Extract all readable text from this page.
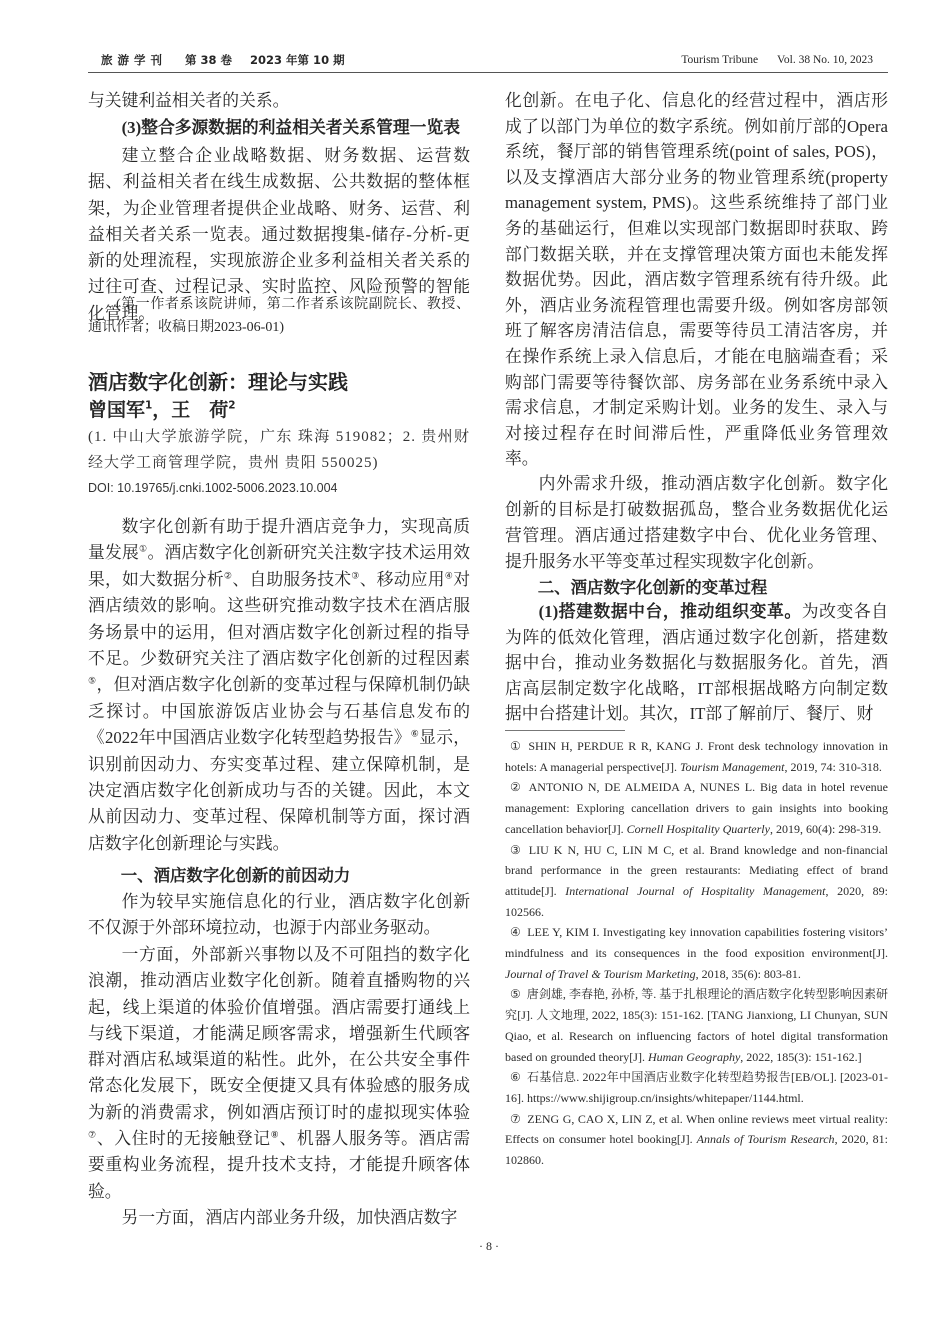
旅游学刊 第 38 卷 2023 年第 10 期	Tourism Tribune Vol. 38 No. 10, 2023

与关键利益相关者的关系。

(3)整合多源数据的利益相关者关系管理一览表

建立整合企业战略数据、财务数据、运营数据、利益相关者在线生成数据、公共数据的整体框架，为企业管理者提供企业战略、财务、运营、利益相关者关系一览表。通过数据搜集-储存-分析-更新的处理流程，实现旅游企业多利益相关者关系的过往可查、过程记录、实时监控、风险预警的智能化管理。

(第一作者系该院讲师，第二作者系该院副院长、教授、通讯作者；收稿日期2023-06-01)

酒店数字化创新：理论与实践
曾国军$^1$，王　荷$^2$

(1. 中山大学旅游学院，广东 珠海 519082；2. 贵州财经大学工商管理学院，贵州 贵阳 550025)

DOI: 10.19765/j.cnki.1002-5006.2023.10.004

数字化创新有助于提升酒店竞争力，实现高质量发展①。酒店数字化创新研究关注数字技术运用效果，如大数据分析②、自助服务技术③、移动应用④对酒店绩效的影响。这些研究推动数字技术在酒店服务场景中的运用，但对酒店数字化创新过程的指导不足。少数研究关注了酒店数字化创新的过程因素⑤，但对酒店数字化创新的变革过程与保障机制仍缺乏探讨。中国旅游饭店业协会与石基信息发布的《2022年中国酒店业数字化转型趋势报告》⑥显示，识别前因动力、夯实变革过程、建立保障机制，是决定酒店数字化创新成功与否的关键。因此，本文从前因动力、变革过程、保障机制等方面，探讨酒店数字化创新理论与实践。

一、酒店数字化创新的前因动力

作为较早实施信息化的行业，酒店数字化创新不仅源于外部环境拉动，也源于内部业务驱动。

一方面，外部新兴事物以及不可阻挡的数字化浪潮，推动酒店业数字化创新。随着直播购物的兴起，线上渠道的体验价值增强。酒店需要打通线上与线下渠道，才能满足顾客需求，增强新生代顾客群对酒店私域渠道的粘性。此外，在公共安全事件常态化发展下，既安全便捷又具有体验感的服务成为新的消费需求，例如酒店预订时的虚拟现实体验⑦、入住时的无接触登记⑧、机器人服务等。酒店需要重构业务流程，提升技术支持，才能提升顾客体验。

另一方面，酒店内部业务升级，加快酒店数字

化创新。在电子化、信息化的经营过程中，酒店形成了以部门为单位的数字系统。例如前厅部的Opera系统，餐厅部的销售管理系统(point of sales, POS)，以及支撑酒店大部分业务的物业管理系统(property management system, PMS)。这些系统维持了部门业务的基础运行，但难以实现部门数据即时获取、跨部门数据关联，并在支撑管理决策方面也未能发挥数据优势。因此，酒店数字管理系统有待升级。此外，酒店业务流程管理也需要升级。例如客房部领班了解客房清洁信息，需要等待员工清洁客房，并在操作系统上录入信息后，才能在电脑端查看；采购部门需要等待餐饮部、房务部在业务系统中录入需求信息，才制定采购计划。业务的发生、录入与对接过程存在时间滞后性，严重降低业务管理效率。

内外需求升级，推动酒店数字化创新。数字化创新的目标是打破数据孤岛，整合业务数据优化运营管理。酒店通过搭建数字中台、优化业务管理、提升服务水平等变革过程实现数字化创新。

二、酒店数字化创新的变革过程

(1)搭建数据中台，推动组织变革。为改变各自为阵的低效化管理，酒店通过数字化创新，搭建数据中台，推动业务数据化与数据服务化。首先，酒店高层制定数字化战略，IT部根据战略方向制定数据中台搭建计划。其次，IT部了解前厅、餐厅、财

① SHIN H, PERDUE R R, KANG J. Front desk technology innovation in hotels: A managerial perspective[J]. Tourism Management, 2019, 74: 310-318.

② ANTONIO N, DE ALMEIDA A, NUNES L. Big data in hotel revenue management: Exploring cancellation drivers to gain insights into booking cancellation behavior[J]. Cornell Hospitality Quarterly, 2019, 60(4): 298-319.

③ LIU K N, HU C, LIN M C, et al. Brand knowledge and non-financial brand performance in the green restaurants: Mediating effect of brand attitude[J]. International Journal of Hospitality Management, 2020, 89: 102566.

④ LEE Y, KIM I. Investigating key innovation capabilities fostering visitors’ mindfulness and its consequences in the food exposition environment[J]. Journal of Travel & Tourism Marketing, 2018, 35(6): 803-81.

⑤ 唐剑雄, 李春艳, 孙桥, 等. 基于扎根理论的酒店数字化转型影响因素研究[J]. 人文地理, 2022, 185(3): 151-162. [TANG Jianxiong, LI Chunyan, SUN Qiao, et al. Research on influencing factors of hotel digital transformation based on grounded theory[J]. Human Geography, 2022, 185(3): 151-162.]

⑥ 石基信息. 2022年中国酒店业数字化转型趋势报告[EB/OL]. [2023-01-16]. https://www.shijigroup.cn/insights/whitepaper/1144.html.

⑦ ZENG G, CAO X, LIN Z, et al. When online reviews meet virtual reality: Effects on consumer hotel booking[J]. Annals of Tourism Research, 2020, 81: 102860.

· 8 ·
